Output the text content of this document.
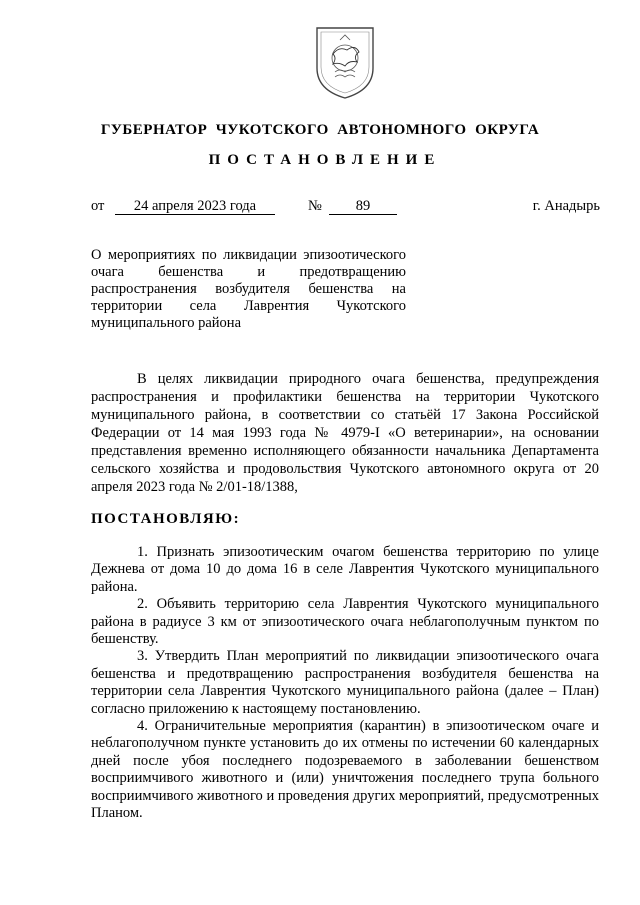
ГУБЕРНАТОР  ЧУКОТСКОГО  АВТОНОМНОГО  ОКРУГА
ПОСТАНОВЛЕНИЕ
от	24 апреля 2023 года	№	89	г. Анадырь
О мероприятиях по ликвидации эпизоотического очага бешенства и предотвращению распространения возбудителя бешенства на территории села Лаврентия Чукотского муниципального района
В целях ликвидации природного очага бешенства, предупреждения распространения и профилактики бешенства на территории Чукотского муниципального района, в соответствии со статьёй 17 Закона Российской Федерации от 14 мая 1993 года № 4979-I «О ветеринарии», на основании представления временно исполняющего обязанности начальника Департамента сельского хозяйства и продовольствия Чукотского автономного округа от 20 апреля 2023 года № 2/01-18/1388,
ПОСТАНОВЛЯЮ:

1. Признать эпизоотическим очагом бешенства территорию по улице Дежнева от дома 10 до дома 16 в селе Лаврентия Чукотского муниципального района.

2. Объявить территорию села Лаврентия Чукотского муниципального района в радиусе 3 км от эпизоотического очага неблагополучным пунктом по бешенству.

3. Утвердить План мероприятий по ликвидации эпизоотического очага бешенства и предотвращению распространения возбудителя бешенства на территории села Лаврентия Чукотского муниципального района (далее – План) согласно приложению к настоящему постановлению.

4. Ограничительные мероприятия (карантин) в эпизоотическом очаге и неблагополучном пункте установить до их отмены по истечении 60 календарных дней после убоя последнего подозреваемого в заболевании бешенством восприимчивого животного и (или) уничтожения последнего трупа больного восприимчивого животного и проведения других мероприятий, предусмотренных Планом.
